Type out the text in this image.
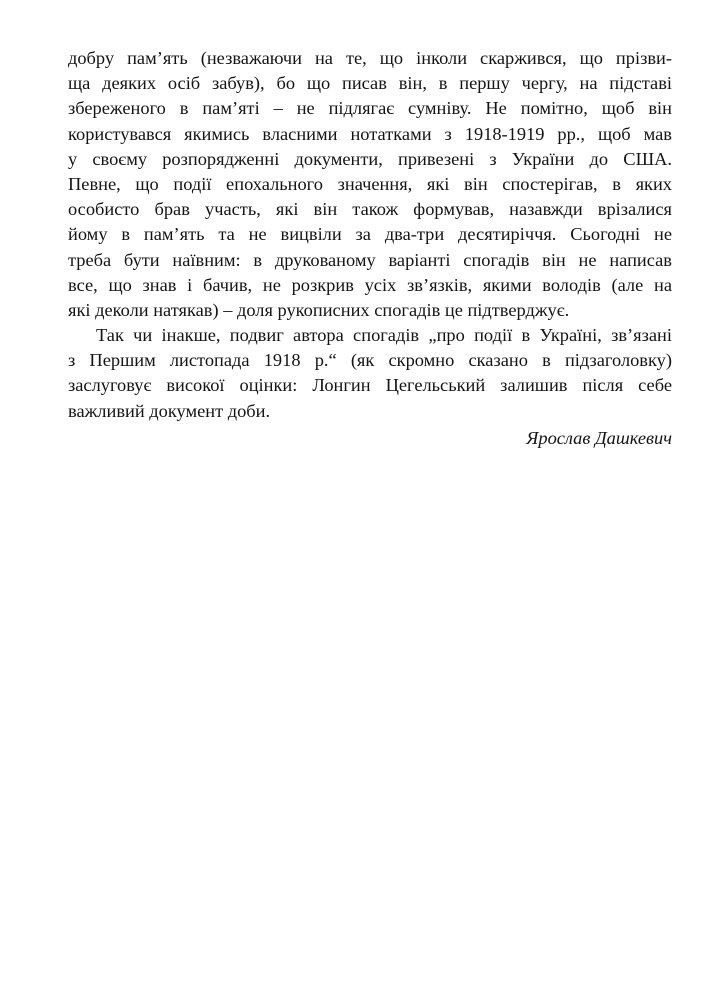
добру пам’ять (незважаючи на те, що інколи скаржився, що прізви-
ща деяких осіб забув), бо що писав він, в першу чергу, на підставі
збереженого в пам’яті – не підлягає сумніву. Не помітно, щоб він
користувався якимись власними нотатками з 1918-1919 рр., щоб мав
у своєму розпорядженні документи, привезені з України до США.
Певне, що події епохального значення, які він спостерігав, в яких
особисто брав участь, які він також формував, назавжди врізалися
йому в пам’ять та не вицвіли за два-три десятиріччя. Сьогодні не
треба бути наївним: в друкованому варіанті спогадів він не написав
все, що знав і бачив, не розкрив усіх зв’язків, якими володів (але на
які деколи натякав) – доля рукописних спогадів це підтверджує.
Так чи інакше, подвиг автора спогадів „про події в Україні, зв’язані
з Першим листопада 1918 р.“ (як скромно сказано в підзаголовку)
заслуговує високої оцінки: Лонгин Цегельський залишив після себе
важливий документ доби.
Ярослав Дашкевич
